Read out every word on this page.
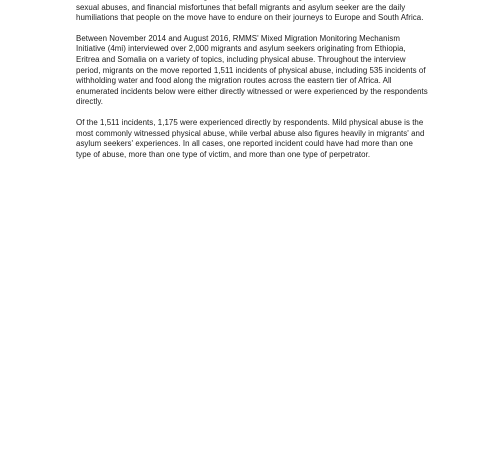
sexual abuses, and financial misfortunes that befall migrants and asylum seeker are the daily humiliations that people on the move have to endure on their journeys to Europe and South Africa.

Between November 2014 and August 2016, RMMS' Mixed Migration Monitoring Mechanism Initiative (4mi) interviewed over 2,000 migrants and asylum seekers originating from Ethiopia, Eritrea and Somalia on a variety of topics, including physical abuse. Throughout the interview period, migrants on the move reported 1,511 incidents of physical abuse, including 535 incidents of withholding water and food along the migration routes across the eastern tier of Africa. All enumerated incidents below were either directly witnessed or were experienced by the respondents directly.

Of the 1,511 incidents, 1,175 were experienced directly by respondents. Mild physical abuse is the most commonly witnessed physical abuse, while verbal abuse also figures heavily in migrants' and asylum seekers' experiences. In all cases, one reported incident could have had more than one type of abuse, more than one type of victim, and more than one type of perpetrator.
